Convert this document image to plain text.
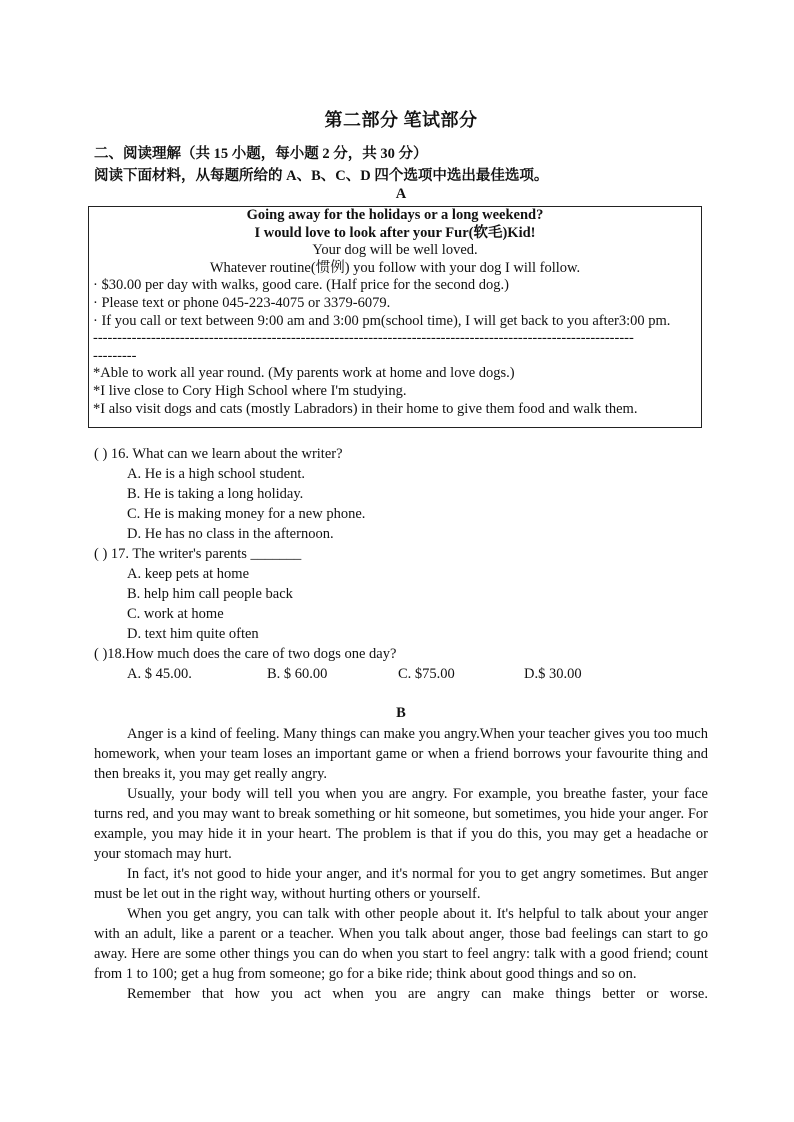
第二部分 笔试部分
二、阅读理解（共 15 小题，每小题 2 分，共 30 分）
阅读下面材料，从每题所给的 A、B、C、D 四个选项中选出最佳选项。
A
Going away for the holidays or a long weekend?
I would love to look after your Fur(软毛)Kid!
Your dog will be well loved.
Whatever routine(惯例) you follow with your dog I will follow.
· $30.00 per day with walks, good care. (Half price for the second dog.)
· Please text or phone 045-223-4075 or 3379-6079.
· If you call or text between 9:00 am and 3:00 pm(school time), I will get back to you after3:00 pm.
----------------------------------------------------------------------------------------------------------------
---------
*Able to work all year round. (My parents work at home and love dogs.)
*I live close to Cory High School where I'm studying.
*I also visit dogs and cats (mostly Labradors) in their home to give them food and walk them.
( ) 16. What can we learn about the writer?
A. He is a high school student.
B. He is taking a long holiday.
C. He is making money for a new phone.
D. He has no class in the afternoon.
( ) 17. The writer's parents _______
A. keep pets at home
B. help him call people back
C. work at home
D. text him quite often
( )18.How much does the care of two dogs one day?
A. $ 45.00.	B. $ 60.00	C. $75.00	D.$ 30.00
B

Anger is a kind of feeling. Many things can make you angry.When your teacher gives you too much homework, when your team loses an important game or when a friend borrows your favourite thing and then breaks it, you may get really angry.

Usually, your body will tell you when you are angry. For example, you breathe faster, your face turns red, and you may want to break something or hit someone, but sometimes, you hide your anger. For example, you may hide it in your heart. The problem is that if you do this, you may get a headache or your stomach may hurt.

In fact, it's not good to hide your anger, and it's normal for you to get angry sometimes. But anger must be let out in the right way, without hurting others or yourself.

When you get angry, you can talk with other people about it. It's helpful to talk about your anger with an adult, like a parent or a teacher. When you talk about anger, those bad feelings can start to go away. Here are some other things you can do when you start to feel angry: talk with a good friend; count from 1 to 100; get a hug from someone; go for a bike ride; think about good things and so on.

Remember that how you act when you are angry can make things better or worse.
